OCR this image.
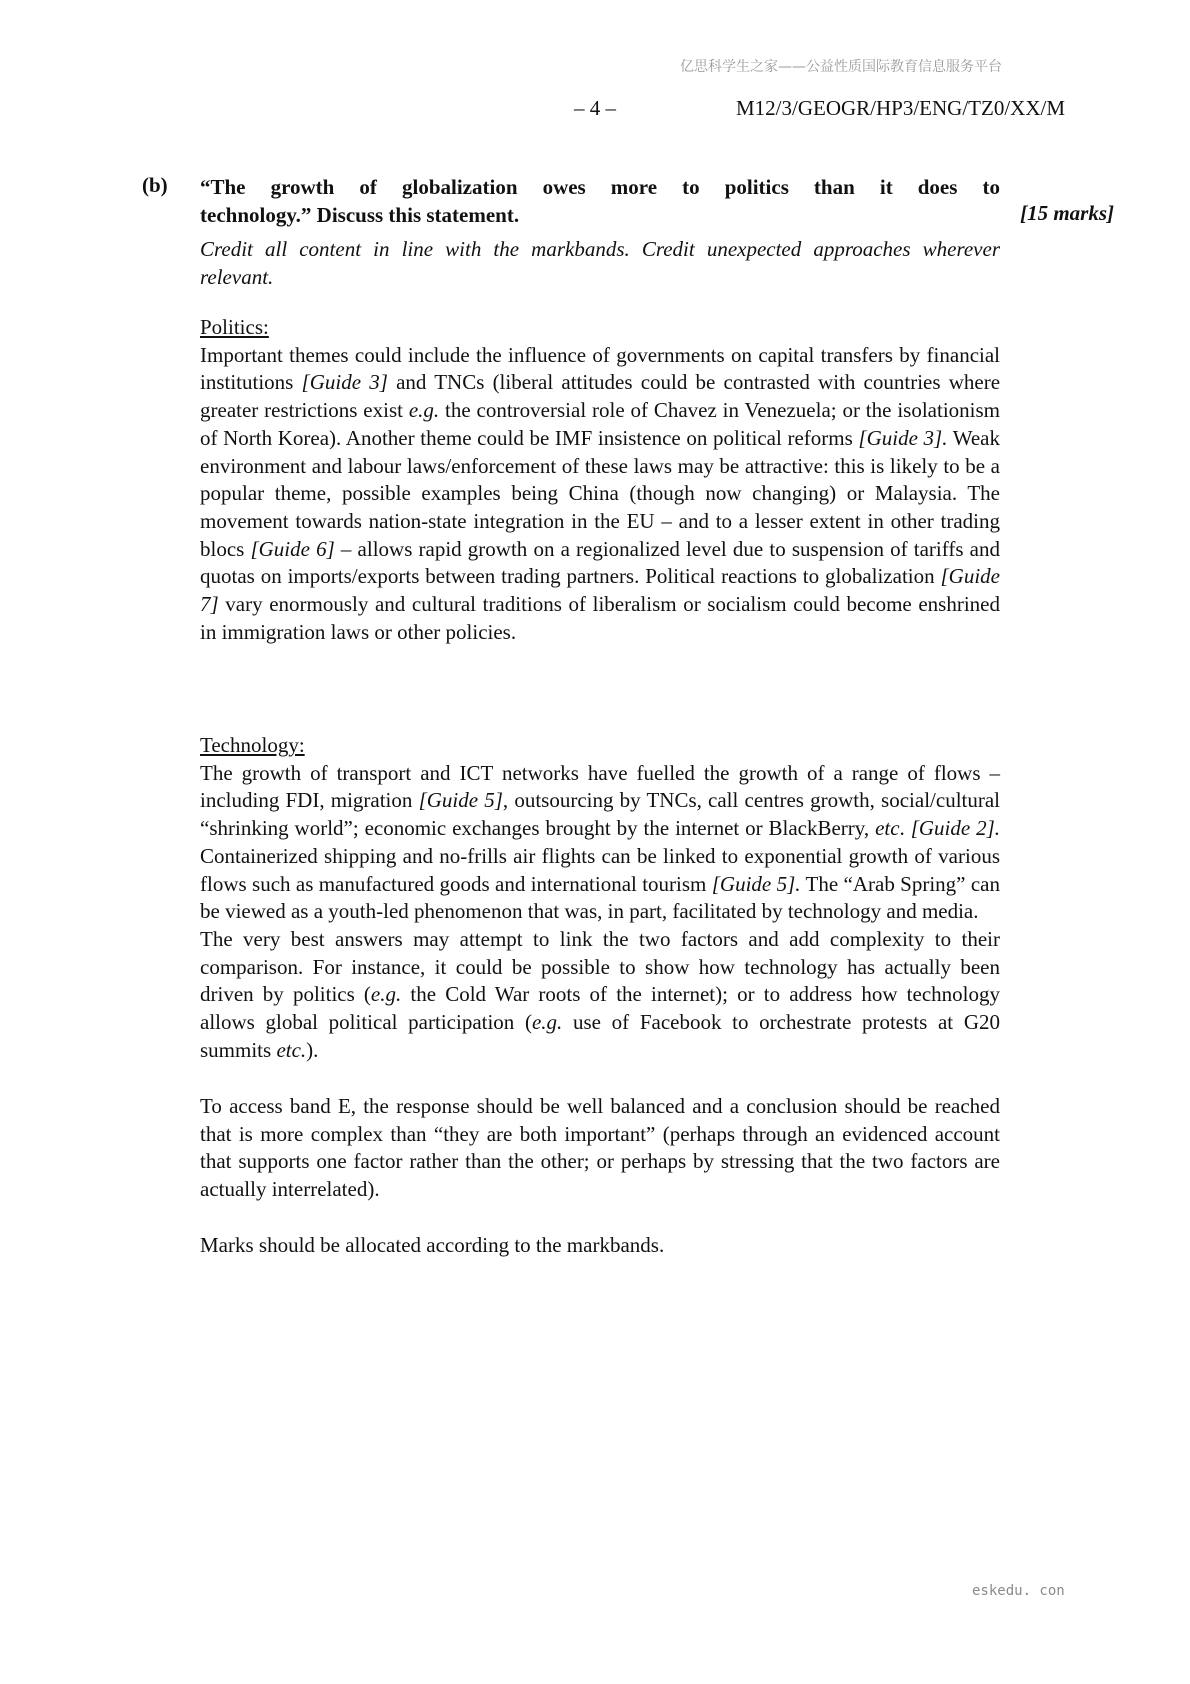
亿思科学生之家——公益性质国际教育信息服务平台
– 4 –	M12/3/GEOGR/HP3/ENG/TZ0/XX/M
(b) “The growth of globalization owes more to politics than it does to
technology.” Discuss this statement.	[15 marks]

Credit all content in line with the markbands. Credit unexpected approaches wherever relevant.

Politics:

Important themes could include the influence of governments on capital transfers by financial institutions [Guide 3] and TNCs (liberal attitudes could be contrasted with countries where greater restrictions exist e.g. the controversial role of Chavez in Venezuela; or the isolationism of North Korea). Another theme could be IMF insistence on political reforms [Guide 3]. Weak environment and labour laws/enforcement of these laws may be attractive: this is likely to be a popular theme, possible examples being China (though now changing) or Malaysia. The movement towards nation-state integration in the EU – and to a lesser extent in other trading blocs [Guide 6] – allows rapid growth on a regionalized level due to suspension of tariffs and quotas on imports/exports between trading partners. Political reactions to globalization [Guide 7] vary enormously and cultural traditions of liberalism or socialism could become enshrined in immigration laws or other policies.

Technology:

The growth of transport and ICT networks have fuelled the growth of a range of flows – including FDI, migration [Guide 5], outsourcing by TNCs, call centres growth, social/cultural “shrinking world”; economic exchanges brought by the internet or BlackBerry, etc. [Guide 2]. Containerized shipping and no-frills air flights can be linked to exponential growth of various flows such as manufactured goods and international tourism [Guide 5]. The “Arab Spring” can be viewed as a youth-led phenomenon that was, in part, facilitated by technology and media.

The very best answers may attempt to link the two factors and add complexity to their comparison. For instance, it could be possible to show how technology has actually been driven by politics (e.g. the Cold War roots of the internet); or to address how technology allows global political participation (e.g. use of Facebook to orchestrate protests at G20 summits etc.).

To access band E, the response should be well balanced and a conclusion should be reached that is more complex than “they are both important” (perhaps through an evidenced account that supports one factor rather than the other; or perhaps by stressing that the two factors are actually interrelated).

Marks should be allocated according to the markbands.

eskedu. con
